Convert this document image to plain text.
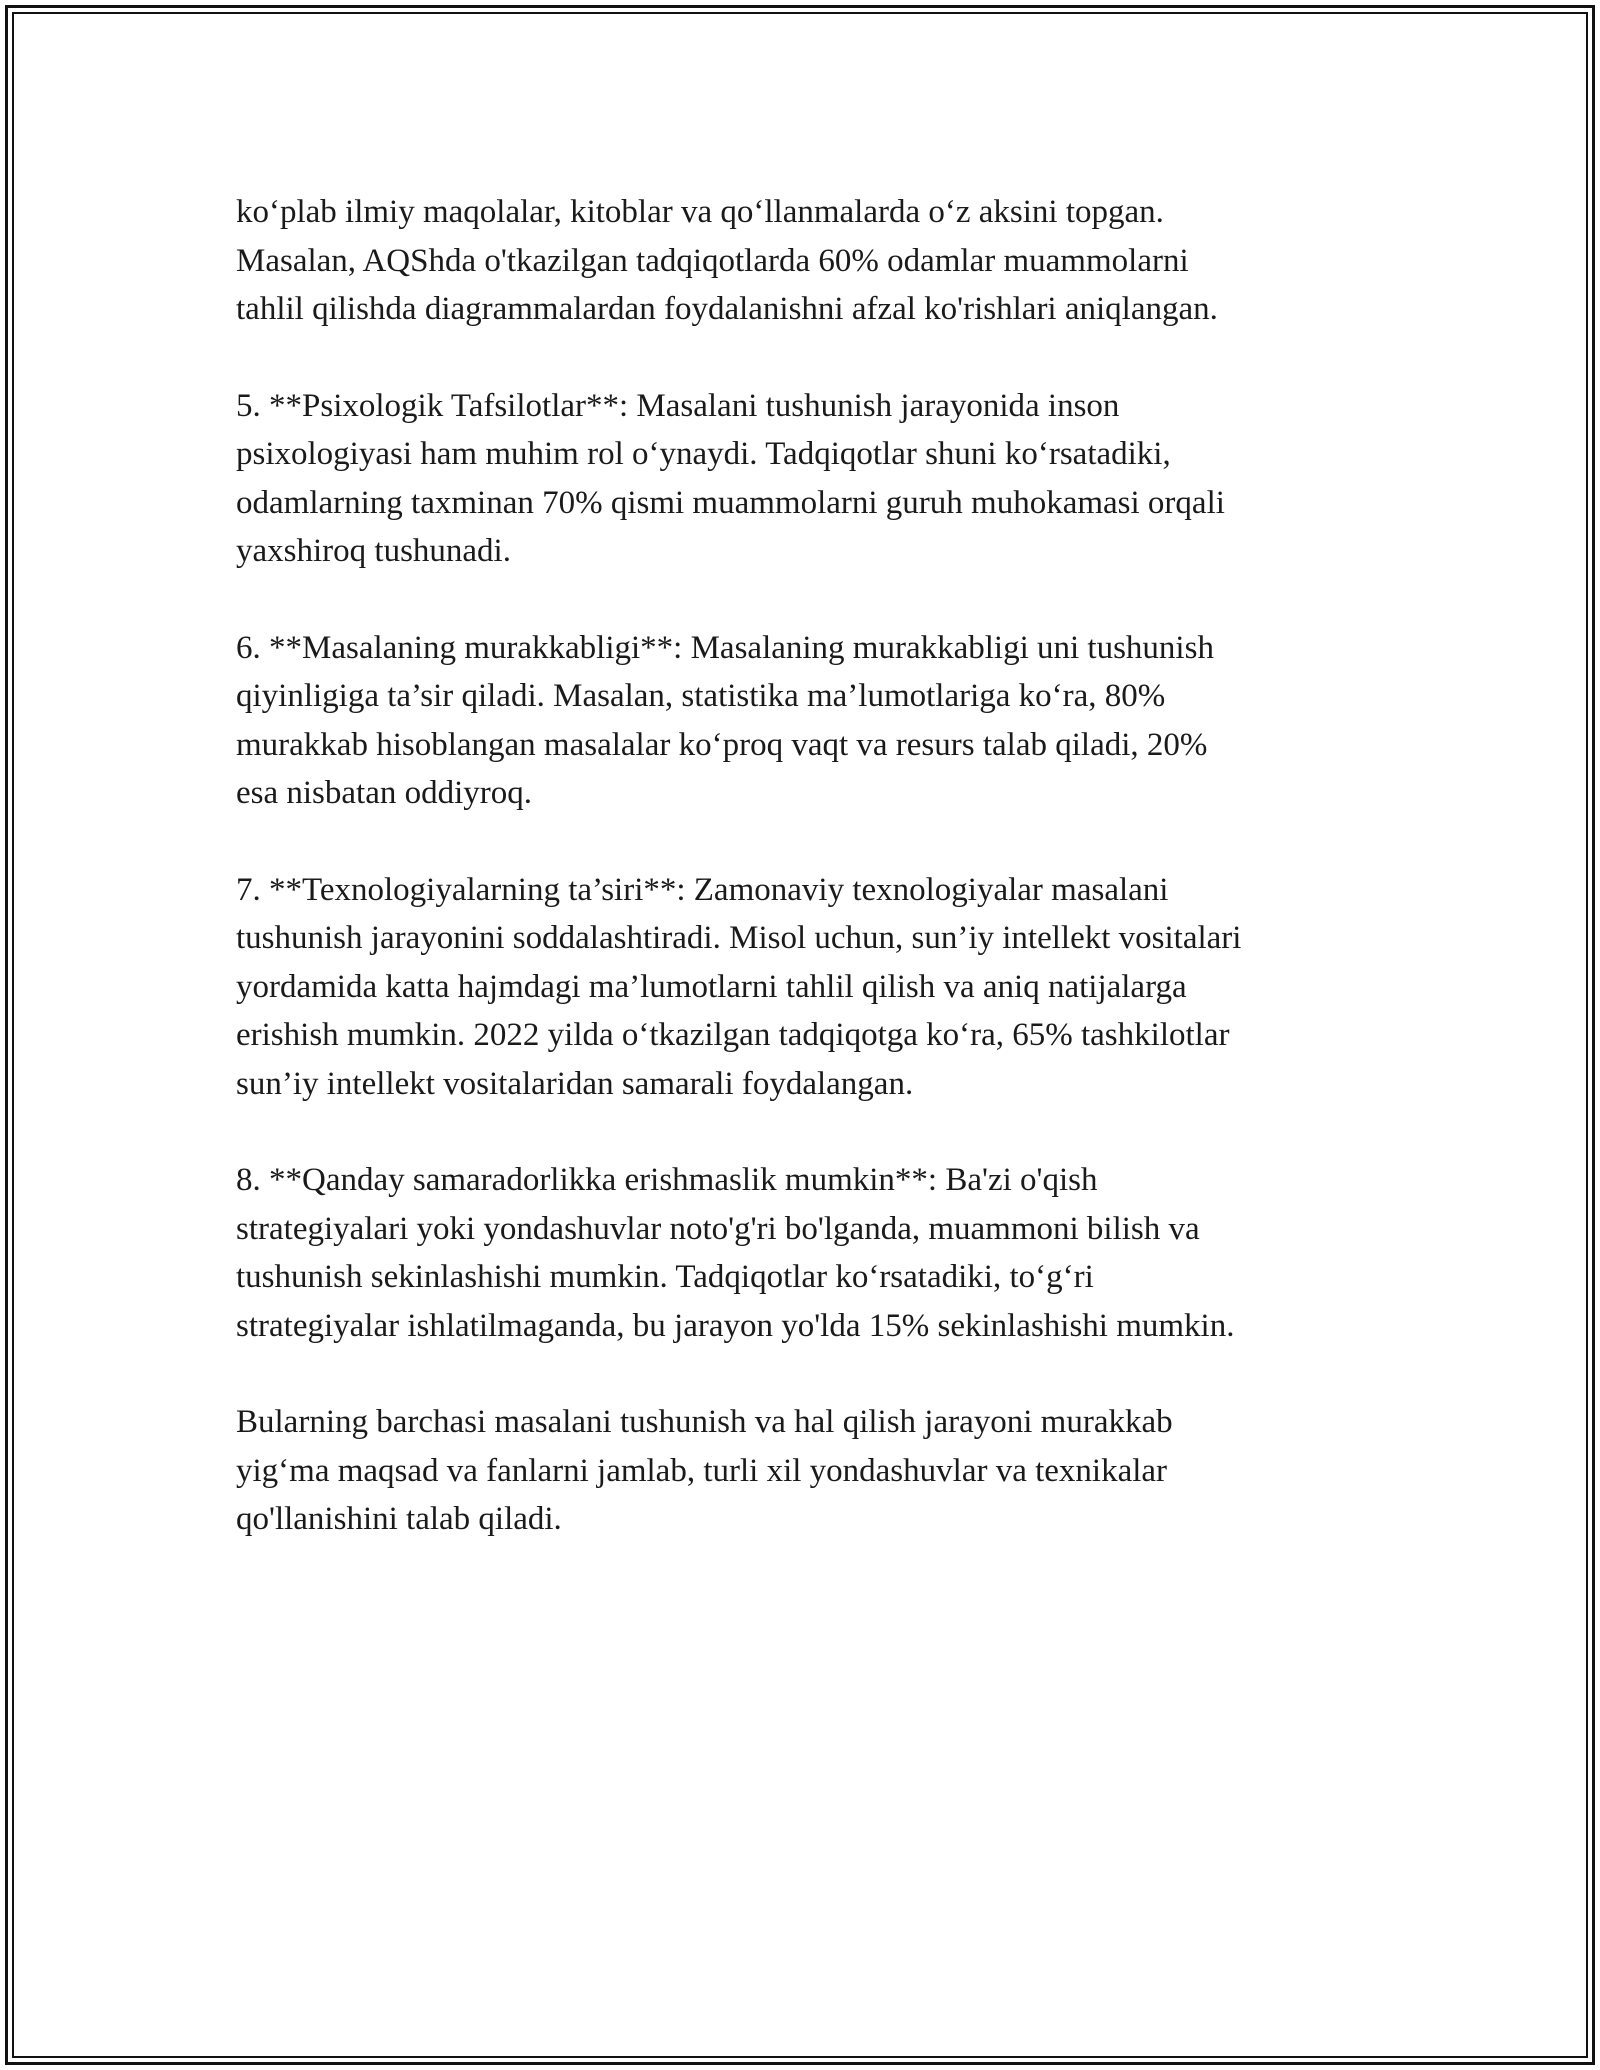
ko‘plab ilmiy maqolalar, kitoblar va qo‘llanmalarda o‘z aksini topgan.
Masalan, AQShda o'tkazilgan tadqiqotlarda 60% odamlar muammolarni
tahlil qilishda diagrammalardan foydalanishni afzal ko'rishlari aniqlangan.

5. **Psixologik Tafsilotlar**: Masalani tushunish jarayonida inson
psixologiyasi ham muhim rol o‘ynaydi. Tadqiqotlar shuni ko‘rsatadiki,
odamlarning taxminan 70% qismi muammolarni guruh muhokamasi orqali
yaxshiroq tushunadi.

6. **Masalaning murakkabligi**: Masalaning murakkabligi uni tushunish
qiyinligiga ta’sir qiladi. Masalan, statistika ma’lumotlariga ko‘ra, 80%
murakkab hisoblangan masalalar ko‘proq vaqt va resurs talab qiladi, 20%
esa nisbatan oddiyroq.

7. **Texnologiyalarning ta’siri**: Zamonaviy texnologiyalar masalani
tushunish jarayonini soddalashtiradi. Misol uchun, sun’iy intellekt vositalari
yordamida katta hajmdagi ma’lumotlarni tahlil qilish va aniq natijalarga
erishish mumkin. 2022 yilda o‘tkazilgan tadqiqotga ko‘ra, 65% tashkilotlar
sun’iy intellekt vositalaridan samarali foydalangan.

8. **Qanday samaradorlikka erishmaslik mumkin**: Ba'zi o'qish
strategiyalari yoki yondashuvlar noto'g'ri bo'lganda, muammoni bilish va
tushunish sekinlashishi mumkin. Tadqiqotlar ko‘rsatadiki, to‘g‘ri
strategiyalar ishlatilmaganda, bu jarayon yo'lda 15% sekinlashishi mumkin.

Bularning barchasi masalani tushunish va hal qilish jarayoni murakkab
yig‘ma maqsad va fanlarni jamlab, turli xil yondashuvlar va texnikalar
qo'llanishini talab qiladi.
